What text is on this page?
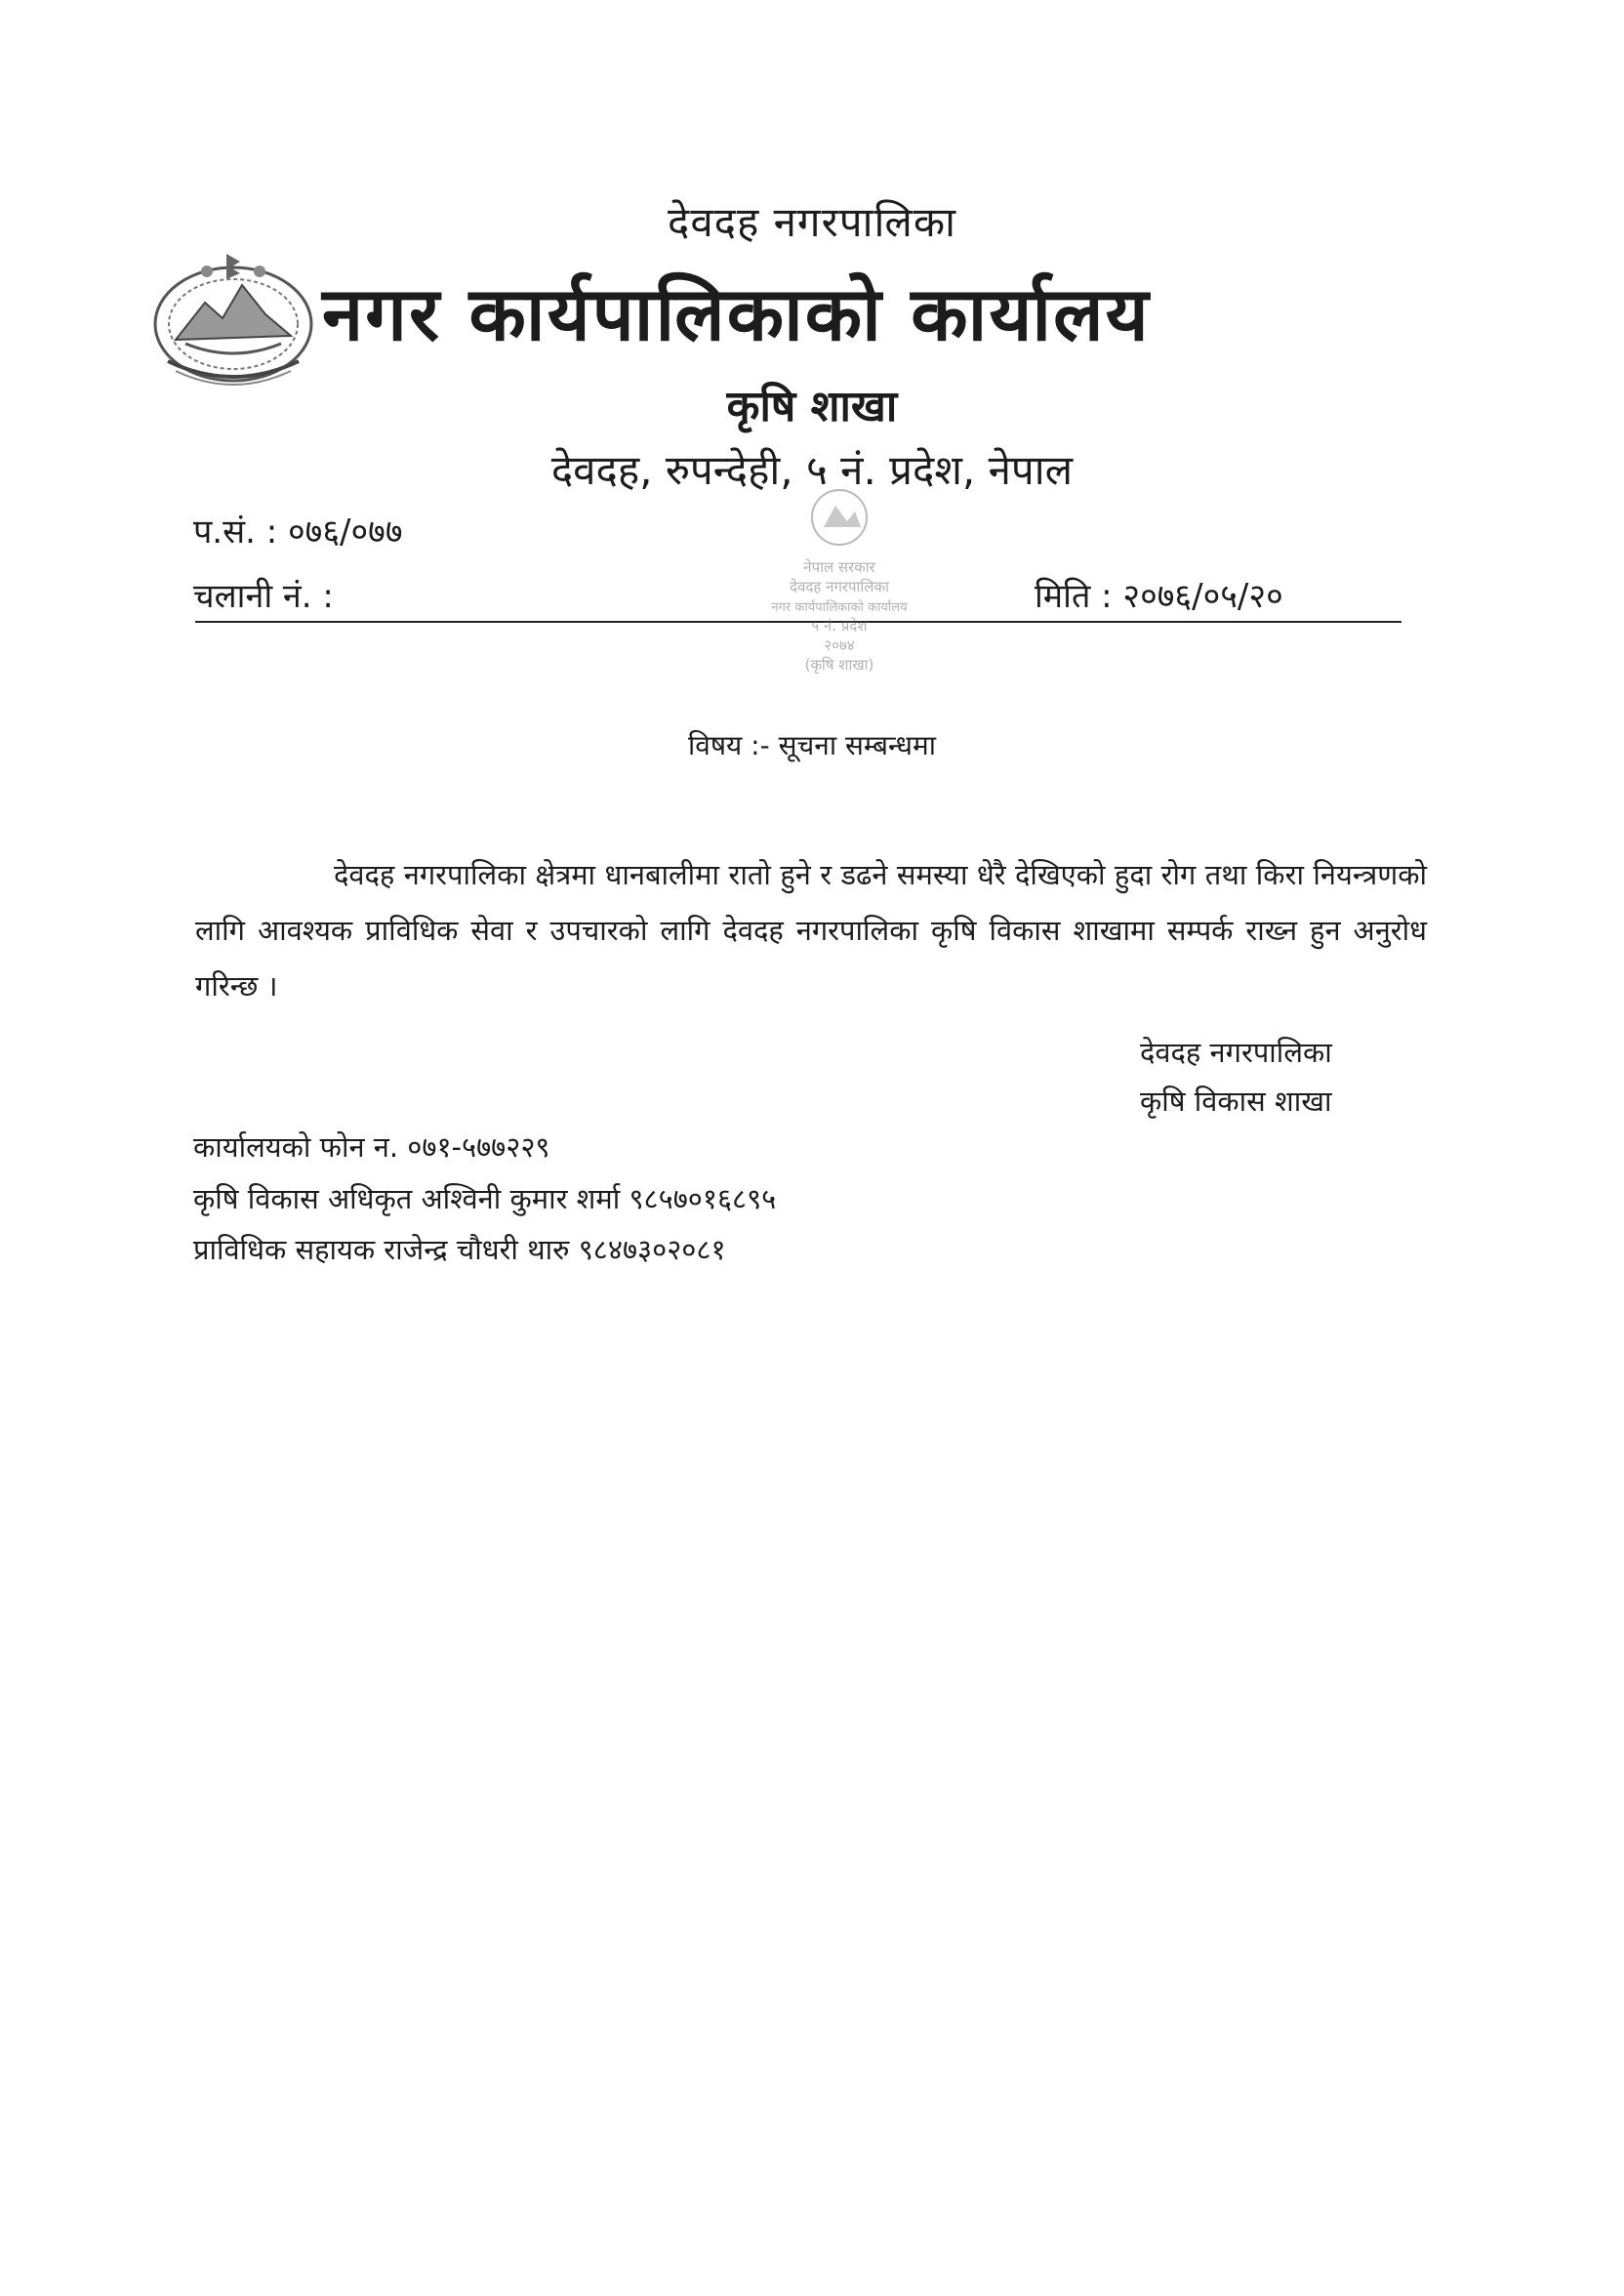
देवदह नगरपालिका
नगर कार्यपालिकाको कार्यालय
कृषि शाखा
देवदह, रुपन्देही, ५ नं. प्रदेश, नेपाल
प.सं. : ०७६/०७७
चलानी नं. :	मिति : २०७६/०५/२०
नेपाल सरकार
देवदह नगरपालिका
नगर कार्यपालिकाको कार्यालय
५ नं. प्रदेश
२०७४
(कृषि शाखा)
विषय :- सूचना सम्बन्धमा
देवदह नगरपालिका क्षेत्रमा धानबालीमा रातो हुने र डढने समस्या धेरै देखिएको हुदा रोग तथा किरा नियन्त्रणको लागि आवश्यक प्राविधिक सेवा र उपचारको लागि देवदह नगरपालिका कृषि विकास शाखामा सम्पर्क राख्न हुन अनुरोध गरिन्छ ।
देवदह नगरपालिका
कृषि विकास शाखा
कार्यालयको फोन न. ०७१-५७७२२९
कृषि विकास अधिकृत अश्विनी कुमार शर्मा ९८५७०१६८९५
प्राविधिक सहायक राजेन्द्र चौधरी थारु ९८४७३०२०८१
